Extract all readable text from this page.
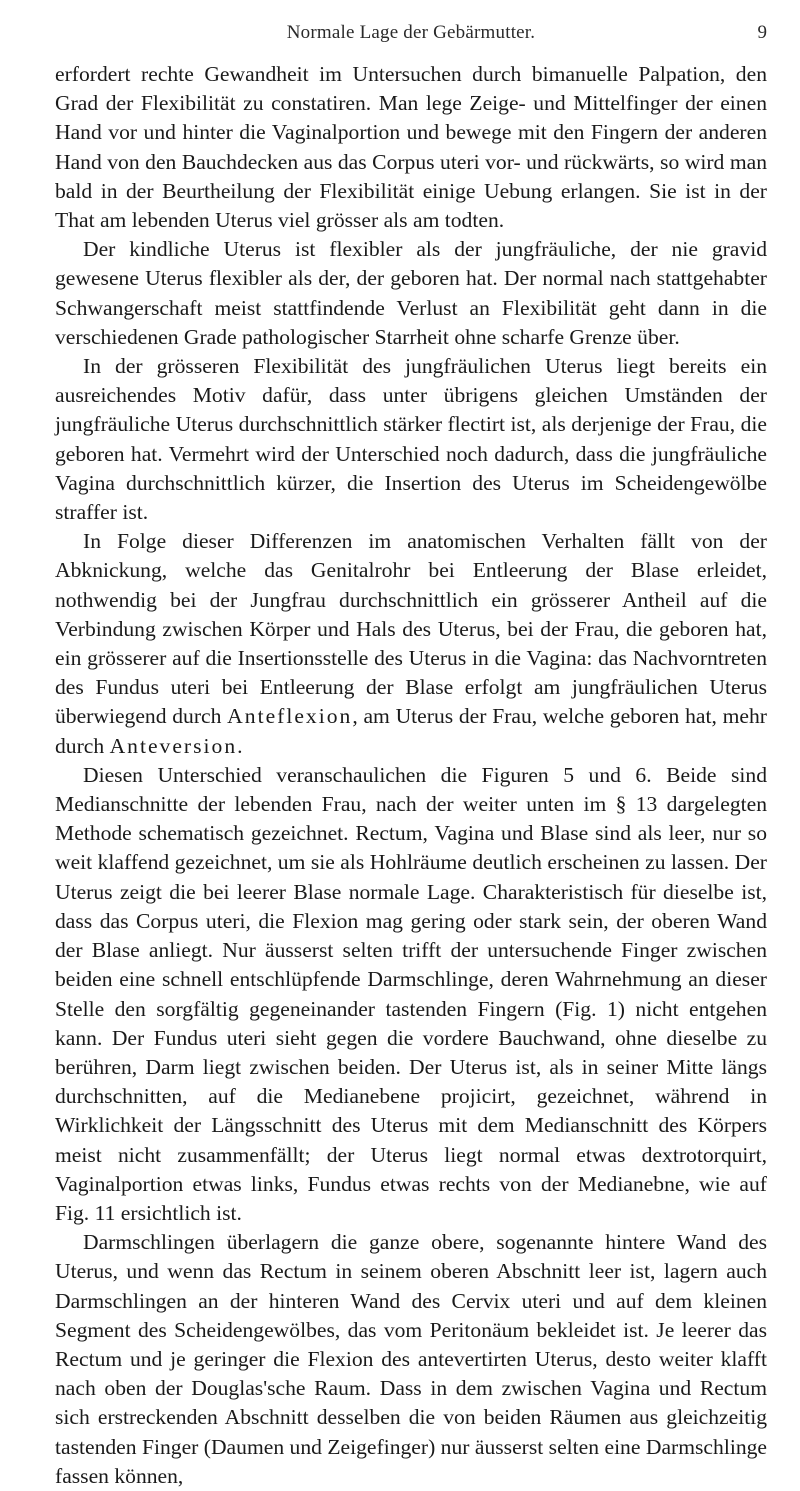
Normale Lage der Gebärmutter.	9

erfordert rechte Gewandheit im Untersuchen durch bimanuelle Palpation, den Grad der Flexibilität zu constatiren. Man lege Zeige- und Mittelfinger der einen Hand vor und hinter die Vaginalportion und bewege mit den Fingern der anderen Hand von den Bauchdecken aus das Corpus uteri vor- und rückwärts, so wird man bald in der Beurtheilung der Flexibilität einige Uebung erlangen. Sie ist in der That am lebenden Uterus viel grösser als am todten.

Der kindliche Uterus ist flexibler als der jungfräuliche, der nie gravid gewesene Uterus flexibler als der, der geboren hat. Der normal nach stattgehabter Schwangerschaft meist stattfindende Verlust an Flexibilität geht dann in die verschiedenen Grade pathologischer Starrheit ohne scharfe Grenze über.

In der grösseren Flexibilität des jungfräulichen Uterus liegt bereits ein ausreichendes Motiv dafür, dass unter übrigens gleichen Umständen der jungfräuliche Uterus durchschnittlich stärker flectirt ist, als derjenige der Frau, die geboren hat. Vermehrt wird der Unterschied noch dadurch, dass die jungfräuliche Vagina durchschnittlich kürzer, die Insertion des Uterus im Scheidengewölbe straffer ist.

In Folge dieser Differenzen im anatomischen Verhalten fällt von der Abknickung, welche das Genitalrohr bei Entleerung der Blase erleidet, nothwendig bei der Jungfrau durchschnittlich ein grösserer Antheil auf die Verbindung zwischen Körper und Hals des Uterus, bei der Frau, die geboren hat, ein grösserer auf die Insertionsstelle des Uterus in die Vagina: das Nachvorntreten des Fundus uteri bei Entleerung der Blase erfolgt am jungfräulichen Uterus überwiegend durch Anteflexion, am Uterus der Frau, welche geboren hat, mehr durch Anteversion.

Diesen Unterschied veranschaulichen die Figuren 5 und 6. Beide sind Medianschnitte der lebenden Frau, nach der weiter unten im § 13 dargelegten Methode schematisch gezeichnet. Rectum, Vagina und Blase sind als leer, nur so weit klaffend gezeichnet, um sie als Hohlräume deutlich erscheinen zu lassen. Der Uterus zeigt die bei leerer Blase normale Lage. Charakteristisch für dieselbe ist, dass das Corpus uteri, die Flexion mag gering oder stark sein, der oberen Wand der Blase anliegt. Nur äusserst selten trifft der untersuchende Finger zwischen beiden eine schnell entschlüpfende Darmschlinge, deren Wahrnehmung an dieser Stelle den sorgfältig gegeneinander tastenden Fingern (Fig. 1) nicht entgehen kann. Der Fundus uteri sieht gegen die vordere Bauchwand, ohne dieselbe zu berühren, Darm liegt zwischen beiden. Der Uterus ist, als in seiner Mitte längs durchschnitten, auf die Medianebene projicirt, gezeichnet, während in Wirklichkeit der Längsschnitt des Uterus mit dem Medianschnitt des Körpers meist nicht zusammenfällt; der Uterus liegt normal etwas dextrotorquirt, Vaginalportion etwas links, Fundus etwas rechts von der Medianebne, wie auf Fig. 11 ersichtlich ist.

Darmschlingen überlagern die ganze obere, sogenannte hintere Wand des Uterus, und wenn das Rectum in seinem oberen Abschnitt leer ist, lagern auch Darmschlingen an der hinteren Wand des Cervix uteri und auf dem kleinen Segment des Scheidengewölbes, das vom Peritonäum bekleidet ist. Je leerer das Rectum und je geringer die Flexion des antevertirten Uterus, desto weiter klafft nach oben der Douglas'sche Raum. Dass in dem zwischen Vagina und Rectum sich erstreckenden Abschnitt desselben die von beiden Räumen aus gleichzeitig tastenden Finger (Daumen und Zeigefinger) nur äusserst selten eine Darmschlinge fassen können,
